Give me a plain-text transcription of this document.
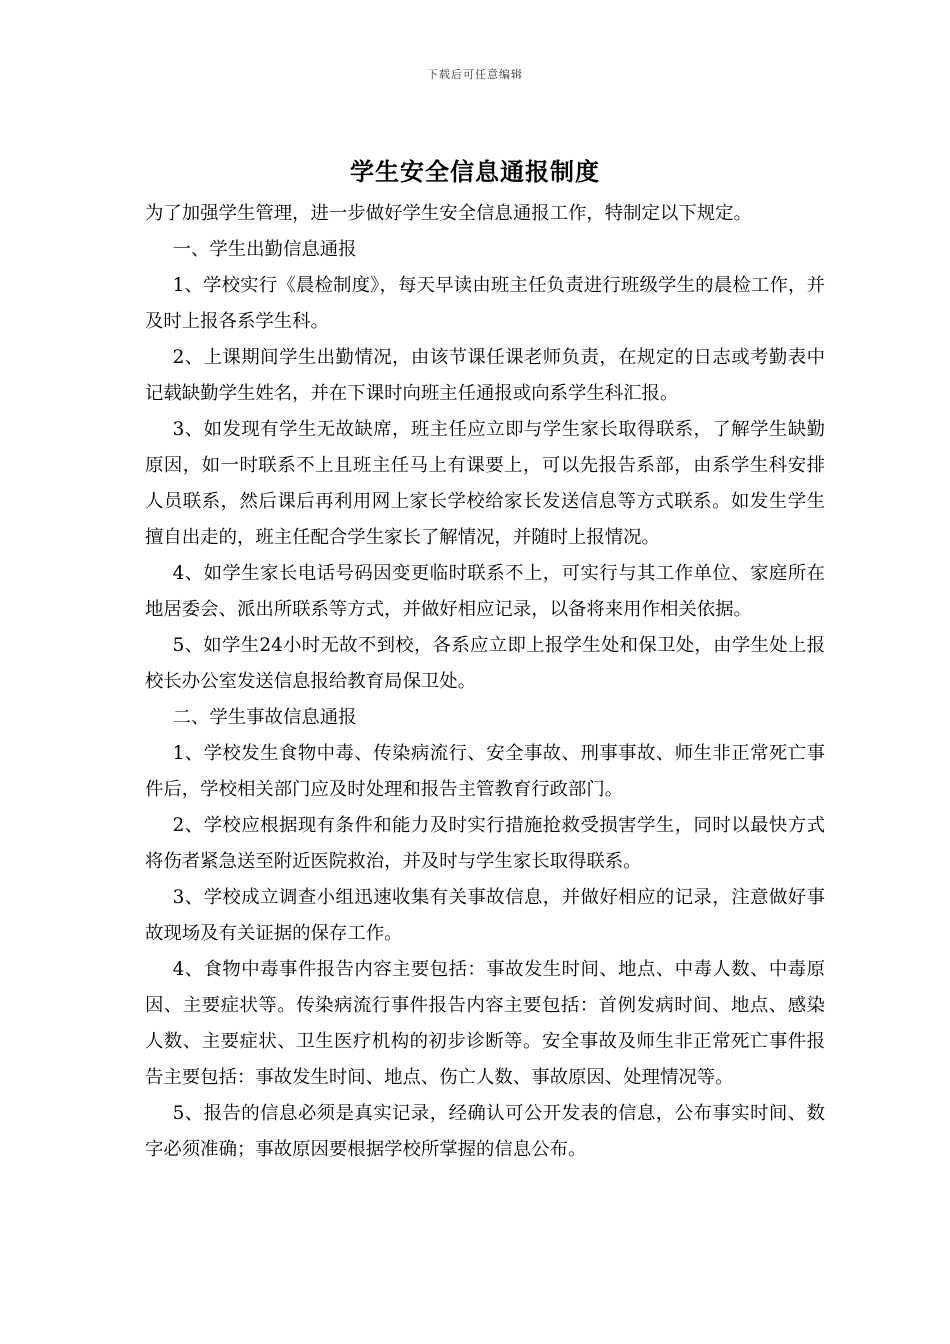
下载后可任意编辑
学生安全信息通报制度

为了加强学生管理，进一步做好学生安全信息通报工作，特制定以下规定。

一、学生出勤信息通报

1、学校实行《晨检制度》，每天早读由班主任负责进行班级学生的晨检工作，并及时上报各系学生科。

2、上课期间学生出勤情况，由该节课任课老师负责，在规定的日志或考勤表中记载缺勤学生姓名，并在下课时向班主任通报或向系学生科汇报。

3、如发现有学生无故缺席，班主任应立即与学生家长取得联系，了解学生缺勤原因，如一时联系不上且班主任马上有课要上，可以先报告系部，由系学生科安排人员联系，然后课后再利用网上家长学校给家长发送信息等方式联系。如发生学生擅自出走的，班主任配合学生家长了解情况，并随时上报情况。

4、如学生家长电话号码因变更临时联系不上，可实行与其工作单位、家庭所在地居委会、派出所联系等方式，并做好相应记录，以备将来用作相关依据。

5、如学生24小时无故不到校，各系应立即上报学生处和保卫处，由学生处上报校长办公室发送信息报给教育局保卫处。

二、学生事故信息通报

1、学校发生食物中毒、传染病流行、安全事故、刑事事故、师生非正常死亡事件后，学校相关部门应及时处理和报告主管教育行政部门。

2、学校应根据现有条件和能力及时实行措施抢救受损害学生，同时以最快方式将伤者紧急送至附近医院救治，并及时与学生家长取得联系。

3、学校成立调查小组迅速收集有关事故信息，并做好相应的记录，注意做好事故现场及有关证据的保存工作。

4、食物中毒事件报告内容主要包括：事故发生时间、地点、中毒人数、中毒原因、主要症状等。传染病流行事件报告内容主要包括：首例发病时间、地点、感染人数、主要症状、卫生医疗机构的初步诊断等。安全事故及师生非正常死亡事件报告主要包括：事故发生时间、地点、伤亡人数、事故原因、处理情况等。

5、报告的信息必须是真实记录，经确认可公开发表的信息，公布事实时间、数字必须准确；事故原因要根据学校所掌握的信息公布。
